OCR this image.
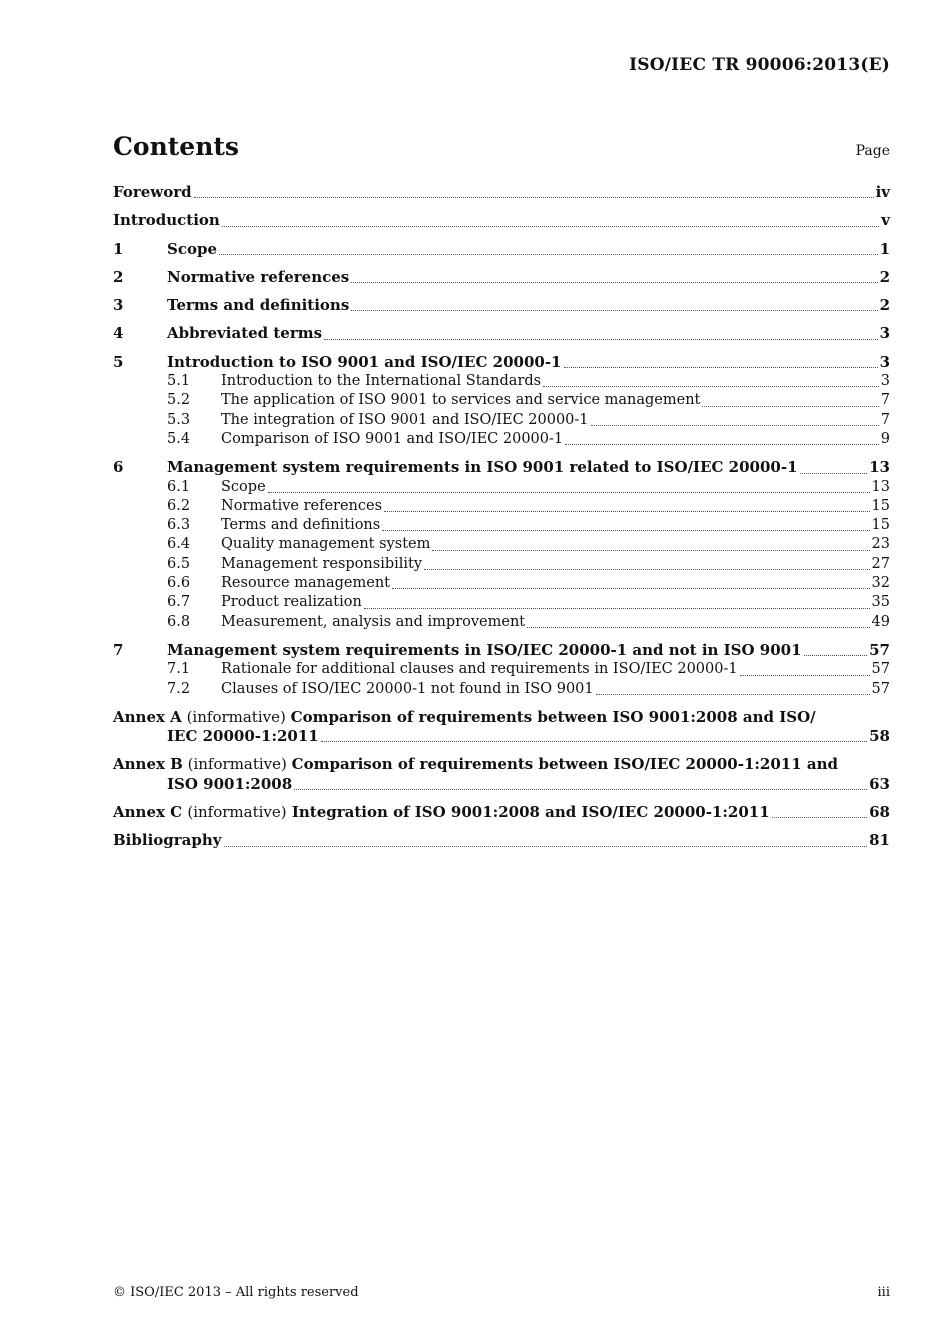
ISO/IEC TR 90006:2013(E)
Contents	Page
Foreword	iv
Introduction	v
1	Scope	1
2	Normative references	2
3	Terms and definitions	2
4	Abbreviated terms	3
5	Introduction to ISO 9001 and ISO/IEC 20000-1	3
5.1	Introduction to the International Standards	3
5.2	The application of ISO 9001 to services and service management	7
5.3	The integration of ISO 9001 and ISO/IEC 20000-1	7
5.4	Comparison of ISO 9001 and ISO/IEC 20000-1	9
6	Management system requirements in ISO 9001 related to ISO/IEC 20000-1	13
6.1	Scope	13
6.2	Normative references	15
6.3	Terms and definitions	15
6.4	Quality management system	23
6.5	Management responsibility	27
6.6	Resource management	32
6.7	Product realization	35
6.8	Measurement, analysis and improvement	49
7	Management system requirements in ISO/IEC 20000-1 and not in ISO 9001	57
7.1	Rationale for additional clauses and requirements in ISO/IEC 20000-1	57
7.2	Clauses of ISO/IEC 20000-1 not found in ISO 9001	57
Annex A (informative) Comparison of requirements between ISO 9001:2008 and ISO/
IEC 20000-1:2011	58
Annex B (informative) Comparison of requirements between ISO/IEC 20000-1:2011 and
ISO 9001:2008	63
Annex C (informative) Integration of ISO 9001:2008 and ISO/IEC 20000-1:2011	68
Bibliography	81
© ISO/IEC 2013 – All rights reserved	iii
